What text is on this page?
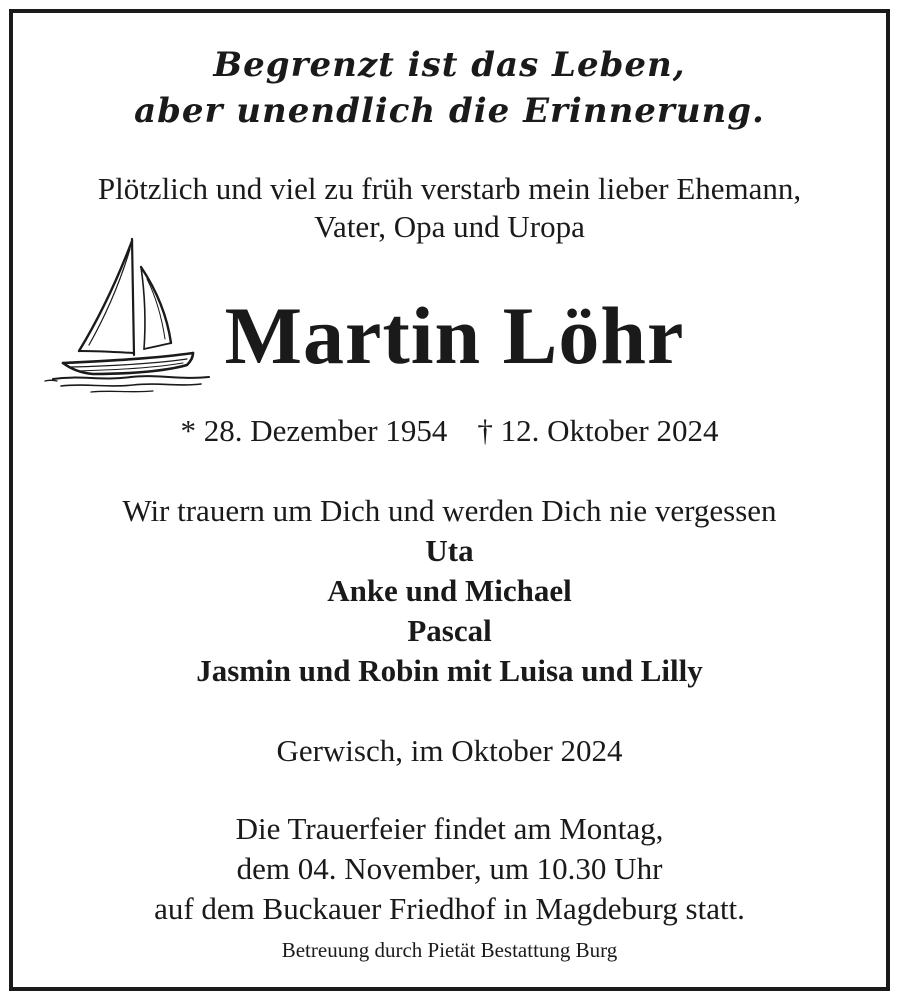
Begrenzt ist das Leben,

aber unendlich die Erinnerung.

Plötzlich und viel zu früh verstarb mein lieber Ehemann,

Vater, Opa und Uropa

Martin Löhr

* 28. Dezember 1954 † 12. Oktober 2024

Wir trauern um Dich und werden Dich nie vergessen

Uta

Anke und Michael

Pascal

Jasmin und Robin mit Luisa und Lilly

Gerwisch, im Oktober 2024

Die Trauerfeier findet am Montag,

dem 04. November, um 10.30 Uhr

auf dem Buckauer Friedhof in Magdeburg statt.

Betreuung durch Pietät Bestattung Burg
